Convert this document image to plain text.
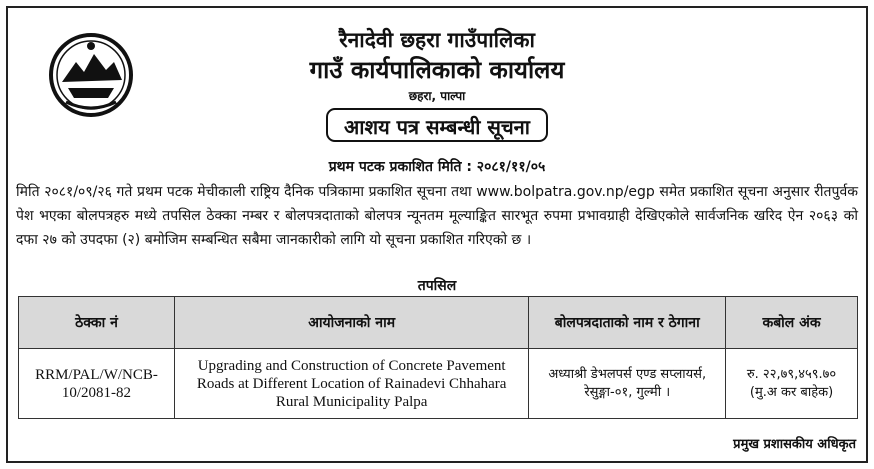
रैनादेवी छहरा गाउँपालिका
गाउँ कार्यपालिकाको कार्यालय
छहरा, पाल्पा
आशय पत्र सम्बन्धी सूचना
प्रथम पटक प्रकाशित मिति : २०८१/११/०५
मिति २०८१/०९/२६ गते प्रथम पटक मेचीकाली राष्ट्रिय दैनिक पत्रिकामा प्रकाशित सूचना तथा www.bolpatra.gov.np/egp समेत प्रकाशित सूचना अनुसार रीतपुर्वक पेश भएका बोलपत्रहरु मध्ये तपसिल ठेक्का नम्बर र बोलपत्रदाताको बोलपत्र न्यूनतम मूल्याङ्कित सारभूत रुपमा प्रभावग्राही देखिएकोले सार्वजनिक खरिद ऐन २०६३ को दफा २७ को उपदफा (२) बमोजिम सम्बन्धित सबैमा जानकारीको लागि यो सूचना प्रकाशित गरिएको छ ।
तपसिल
ठेक्का नं	आयोजनाको नाम	बोलपत्रदाताको नाम र ठेगाना	कबोल अंक
RRM/PAL/W/NCB-10/2081-82	Upgrading and Construction of Concrete Pavement Roads at Different Location of Rainadevi Chhahara Rural Municipality Palpa	अध्याश्री डेभलपर्स एण्ड सप्लायर्स, रेसुङ्गा-०१, गुल्मी ।	रु. २२,७९,४५९.७०
(मु.अ कर बाहेक)
प्रमुख प्रशासकीय अधिकृत
